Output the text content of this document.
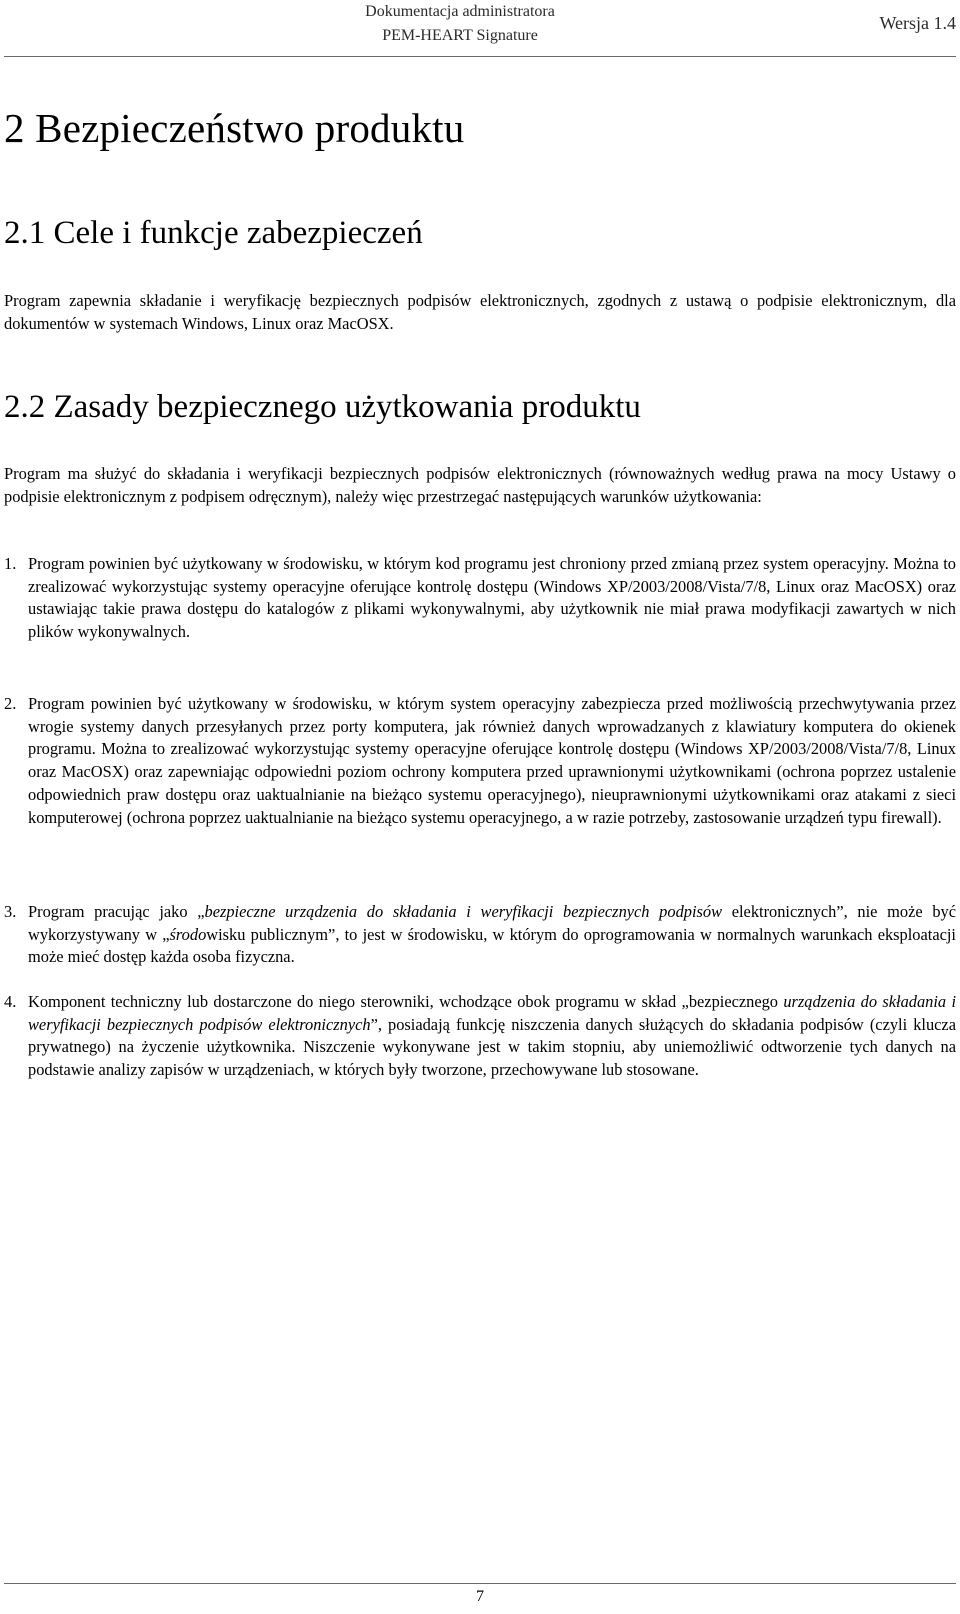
Dokumentacja administratora
PEM-HEART Signature
Wersja 1.4
2 Bezpieczeństwo produktu
2.1 Cele i funkcje zabezpieczeń

Program zapewnia składanie i weryfikację bezpiecznych podpisów elektronicznych, zgodnych z ustawą o podpisie elektronicznym, dla dokumentów w systemach Windows, Linux oraz MacOSX.

2.2 Zasady bezpiecznego użytkowania produktu

Program ma służyć do składania i weryfikacji bezpiecznych podpisów elektronicznych (równoważnych według prawa na mocy Ustawy o podpisie elektronicznym z podpisem odręcznym), należy więc przestrzegać następujących warunków użytkowania:

1. Program powinien być użytkowany w środowisku, w którym kod programu jest chroniony przed zmianą przez system operacyjny. Można to zrealizować wykorzystując systemy operacyjne oferujące kontrolę dostępu (Windows XP/2003/2008/Vista/7/8, Linux oraz MacOSX) oraz ustawiając takie prawa dostępu do katalogów z plikami wykonywalnymi, aby użytkownik nie miał prawa modyfikacji zawartych w nich plików wykonywalnych.
2. Program powinien być użytkowany w środowisku, w którym system operacyjny zabezpiecza przed możliwością przechwytywania przez wrogie systemy danych przesyłanych przez porty komputera, jak również danych wprowadzanych z klawiatury komputera do okienek programu. Można to zrealizować wykorzystując systemy operacyjne oferujące kontrolę dostępu (Windows XP/2003/2008/Vista/7/8, Linux oraz MacOSX) oraz zapewniając odpowiedni poziom ochrony komputera przed uprawnionymi użytkownikami (ochrona poprzez ustalenie odpowiednich praw dostępu oraz uaktualnianie na bieżąco systemu operacyjnego), nieuprawnionymi użytkownikami oraz atakami z sieci komputerowej (ochrona poprzez uaktualnianie na bieżąco systemu operacyjnego, a w razie potrzeby, zastosowanie urządzeń typu firewall).
3. Program pracując jako „bezpieczne urządzenia do składania i weryfikacji bezpiecznych podpisów elektronicznych”, nie może być wykorzystywany w „środowisku publicznym”, to jest w środowisku, w którym do oprogramowania w normalnych warunkach eksploatacji może mieć dostęp każda osoba fizyczna.
4. Komponent techniczny lub dostarczone do niego sterowniki, wchodzące obok programu w skład „bezpiecznego urządzenia do składania i weryfikacji bezpiecznych podpisów elektronicznych”, posiadają funkcję niszczenia danych służących do składania podpisów (czyli klucza prywatnego) na życzenie użytkownika. Niszczenie wykonywane jest w takim stopniu, aby uniemożliwić odtworzenie tych danych na podstawie analizy zapisów w urządzeniach, w których były tworzone, przechowywane lub stosowane.
7
